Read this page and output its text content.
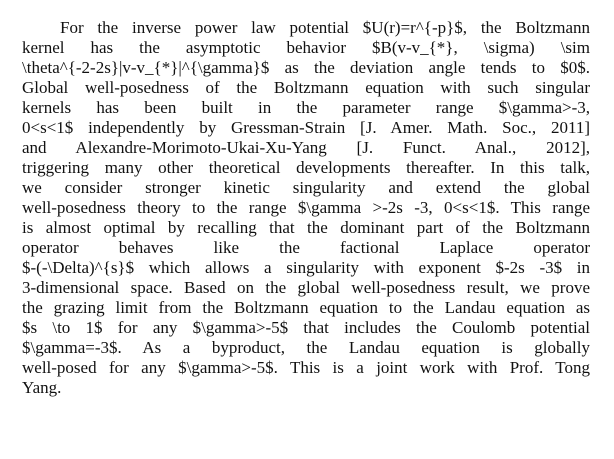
For the inverse power law potential $U(r)=r^{-p}$, the Boltzmann
kernel has the asymptotic behavior $B(v-v_{*}, \sigma) \sim
\theta^{-2-2s}|v-v_{*}|^{\gamma}$ as the deviation angle tends to $0$.
Global well-posedness of the Boltzmann equation with such singular
kernels has been built in the parameter range $\gamma>-3,
0<s<1$ independently by Gressman-Strain [J. Amer. Math. Soc., 2011]
and Alexandre-Morimoto-Ukai-Xu-Yang [J. Funct. Anal., 2012],
triggering many other theoretical developments thereafter. In this talk,
we consider stronger kinetic singularity and extend the global
well-posedness theory to the range $\gamma >-2s -3, 0<s<1$. This range
is almost optimal by recalling that the dominant part of the Boltzmann
operator behaves like the factional Laplace operator
$-(-\Delta)^{s}$ which allows a singularity with exponent $-2s -3$ in
3-dimensional space. Based on the global well-posedness result, we prove
the grazing limit from the Boltzmann equation to the Landau equation as
$s \to 1$ for any $\gamma>-5$ that includes the Coulomb potential
$\gamma=-3$. As a byproduct, the Landau equation is globally
well-posed for any $\gamma>-5$. This is a joint work with Prof. Tong
Yang.
